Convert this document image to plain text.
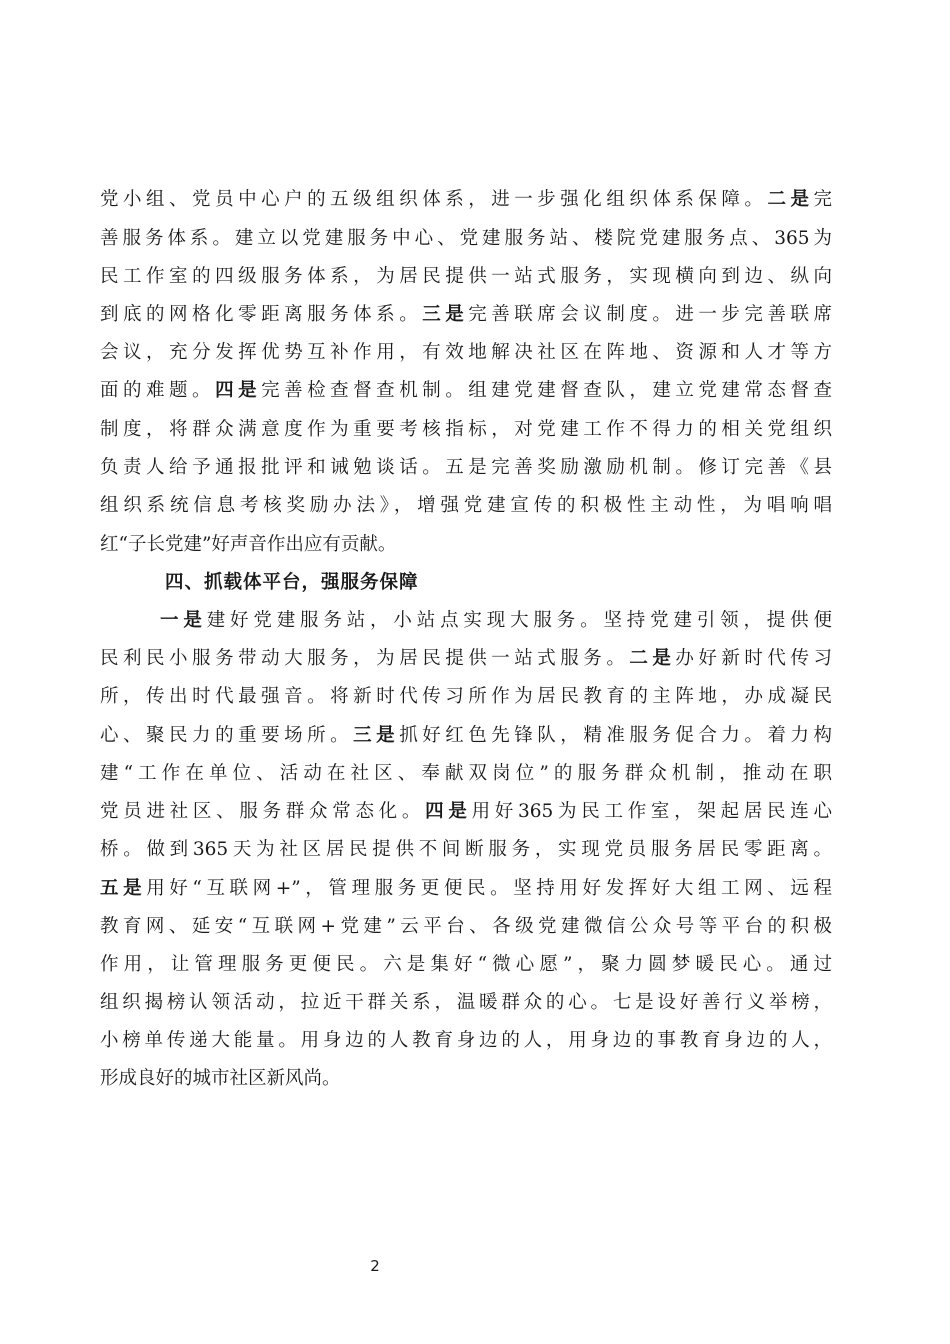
党小组、党员中心户的五级组织体系，进一步强化组织体系保障。二是完
善服务体系。建立以党建服务中心、党建服务站、楼院党建服务点、365为
民工作室的四级服务体系，为居民提供一站式服务，实现横向到边、纵向
到底的网格化零距离服务体系。三是完善联席会议制度。进一步完善联席
会议，充分发挥优势互补作用，有效地解决社区在阵地、资源和人才等方
面的难题。四是完善检查督查机制。组建党建督查队，建立党建常态督查
制度，将群众满意度作为重要考核指标，对党建工作不得力的相关党组织
负责人给予通报批评和诫勉谈话。五是完善奖励激励机制。修订完善《县
组织系统信息考核奖励办法》，增强党建宣传的积极性主动性，为唱响唱
红“子长党建”好声音作出应有贡献。
四、抓载体平台，强服务保障
一是建好党建服务站，小站点实现大服务。坚持党建引领，提供便
民利民小服务带动大服务，为居民提供一站式服务。二是办好新时代传习
所，传出时代最强音。将新时代传习所作为居民教育的主阵地，办成凝民
心、聚民力的重要场所。三是抓好红色先锋队，精准服务促合力。着力构
建“工作在单位、活动在社区、奉献双岗位”的服务群众机制，推动在职
党员进社区、服务群众常态化。四是用好365为民工作室，架起居民连心
桥。做到365天为社区居民提供不间断服务，实现党员服务居民零距离。
五是用好“互联网+”，管理服务更便民。坚持用好发挥好大组工网、远程
教育网、延安“互联网+党建”云平台、各级党建微信公众号等平台的积极
作用，让管理服务更便民。六是集好“微心愿”，聚力圆梦暖民心。通过
组织揭榜认领活动，拉近干群关系，温暖群众的心。七是设好善行义举榜，
小榜单传递大能量。用身边的人教育身边的人，用身边的事教育身边的人，
形成良好的城市社区新风尚。
2
